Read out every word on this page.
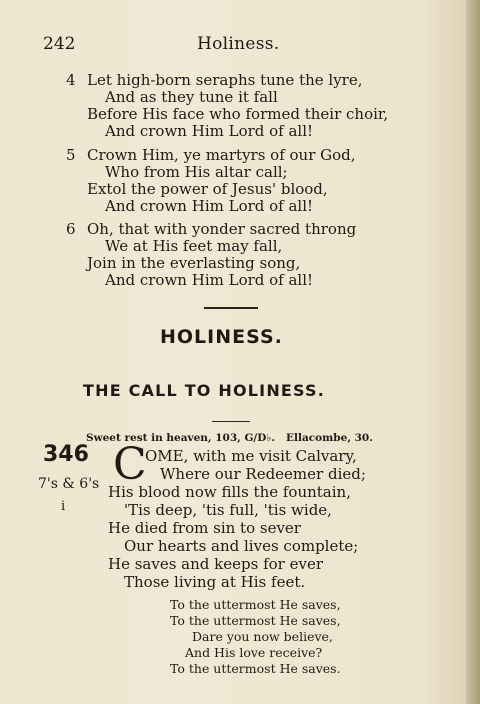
242	Holiness.
4 Let high-born seraphs tune the lyre,
And as they tune it fall
Before His face who formed their choir,
And crown Him Lord of all!
5 Crown Him, ye martyrs of our God,
Who from His altar call;
Extol the power of Jesus' blood,
And crown Him Lord of all!
6 Oh, that with yonder sacred throng
We at His feet may fall,
Join in the everlasting song,
And crown Him Lord of all!
HOLINESS.
THE CALL TO HOLINESS.
Sweet rest in heaven, 103, G/D♭. Ellacombe, 30.
346
7's & 6's
i
C
OME, with me visit Calvary,
Where our Redeemer died;
His blood now fills the fountain,
'Tis deep, 'tis full, 'tis wide,
He died from sin to sever
Our hearts and lives complete;
He saves and keeps for ever
Those living at His feet.
To the uttermost He saves,
To the uttermost He saves,
Dare you now believe,
And His love receive?
To the uttermost He saves.
